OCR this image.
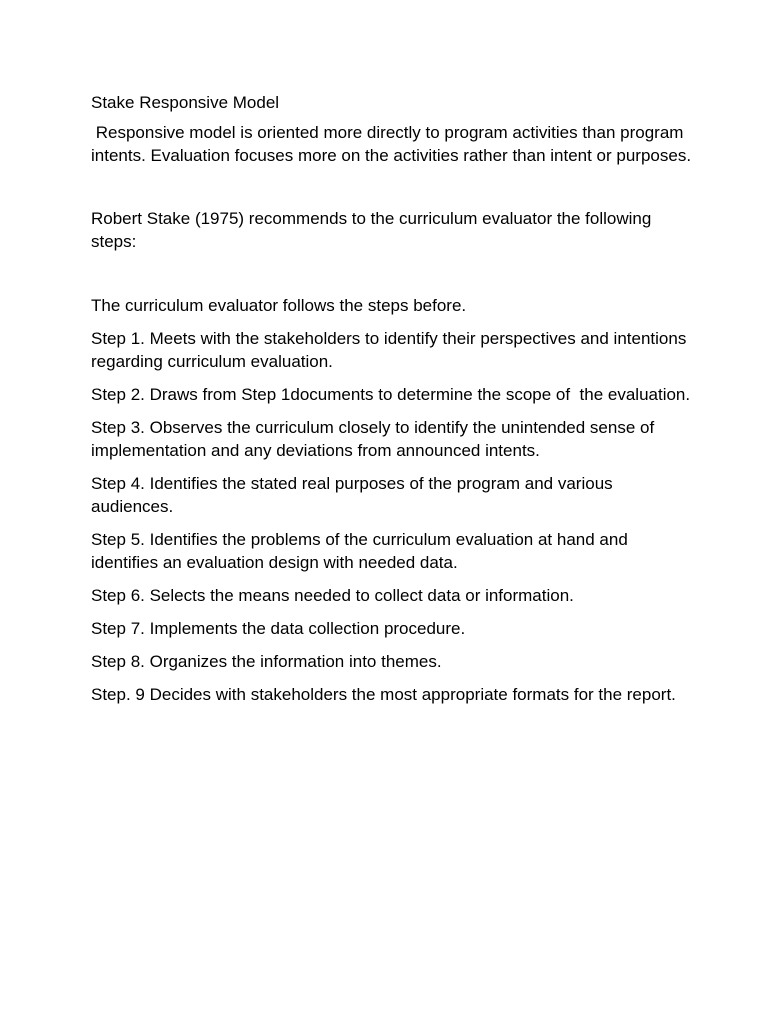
Stake Responsive Model

Responsive model is oriented more directly to program activities than program intents. Evaluation focuses more on the activities rather than intent or purposes.

Robert Stake (1975) recommends to the curriculum evaluator the following steps:

The curriculum evaluator follows the steps before.

Step 1. Meets with the stakeholders to identify their perspectives and intentions regarding curriculum evaluation.

Step 2. Draws from Step 1documents to determine the scope of  the evaluation.

Step 3. Observes the curriculum closely to identify the unintended sense of implementation and any deviations from announced intents.

Step 4. Identifies the stated real purposes of the program and various audiences.

Step 5. Identifies the problems of the curriculum evaluation at hand and identifies an evaluation design with needed data.

Step 6. Selects the means needed to collect data or information.

Step 7. Implements the data collection procedure.

Step 8. Organizes the information into themes.

Step. 9 Decides with stakeholders the most appropriate formats for the report.
